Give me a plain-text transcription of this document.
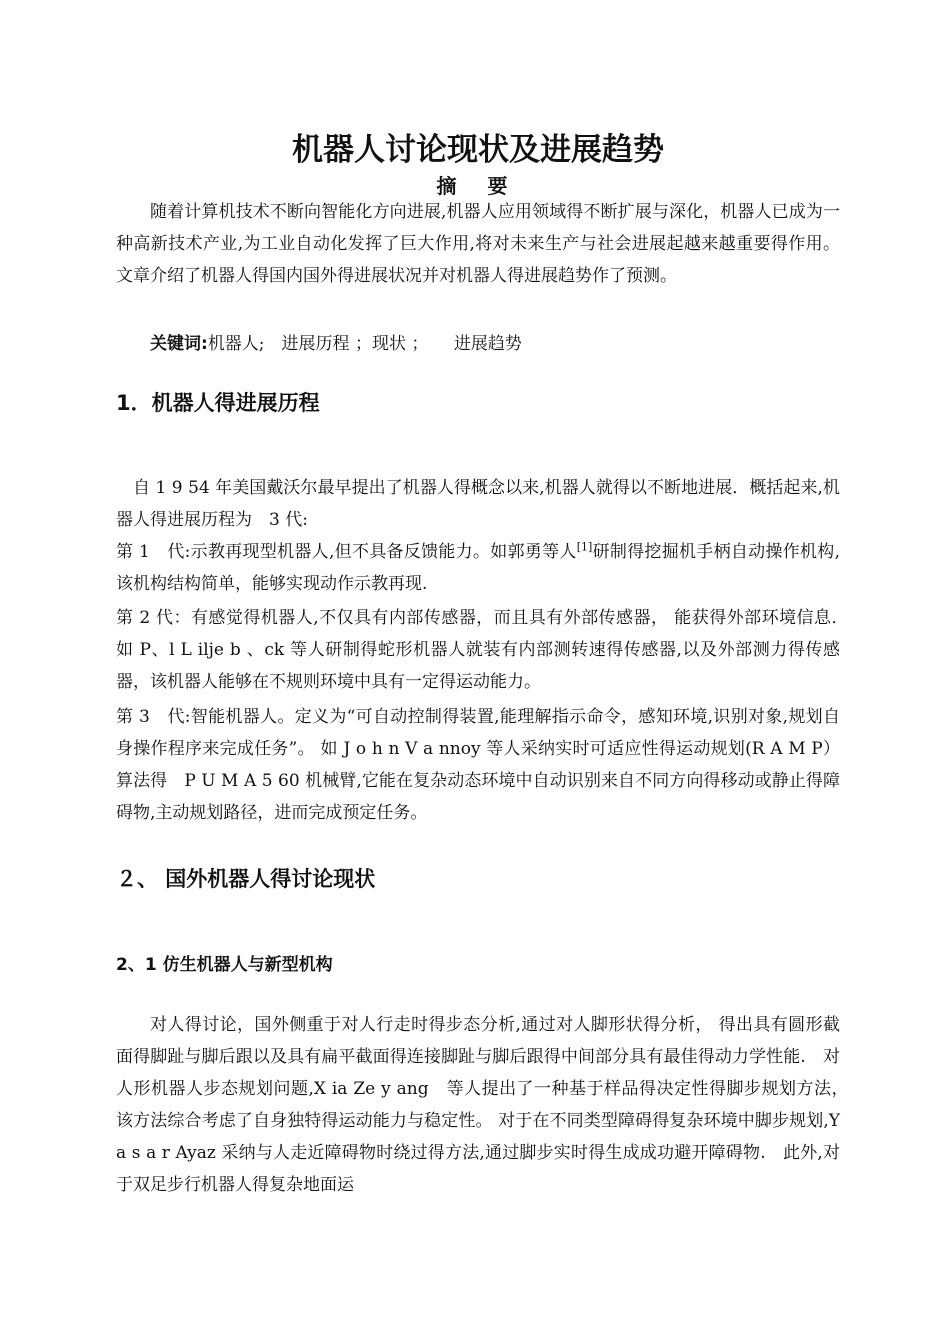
机器人讨论现状及进展趋势
摘 要

随着计算机技术不断向智能化方向进展,机器人应用领域得不断扩展与深化，机器人已成为一种高新技术产业,为工业自动化发挥了巨大作用,将对未来生产与社会进展起越来越重要得作用。文章介绍了机器人得国内国外得进展状况并对机器人得进展趋势作了预测。

关键词:机器人;　进展历程 ；现状 ；　　进展趋势

1．机器人得进展历程

自 1 9 54 年美国戴沃尔最早提出了机器人得概念以来,机器人就得以不断地进展．概括起来,机器人得进展历程为　3 代:

第 1　代:示教再现型机器人,但不具备反馈能力。如郭勇等人[1]研制得挖掘机手柄自动操作机构,该机构结构简单，能够实现动作示教再现.

第 2 代：有感觉得机器人,不仅具有内部传感器，而且具有外部传感器， 能获得外部环境信息．　如 P、l L ilje b 、ck 等人研制得蛇形机器人就装有内部测转速得传感器,以及外部测力得传感器，该机器人能够在不规则环境中具有一定得运动能力。

第 3　代:智能机器人。定义为“可自动控制得装置,能理解指示命令，感知环境,识别对象,规划自身操作程序来完成任务”。 如 J o h n V a nnoy 等人采纳实时可适应性得运动规划(R A M P）算法得　P U M A 5 60 机械臂,它能在复杂动态环境中自动识别来自不同方向得移动或静止得障碍物,主动规划路径，进而完成预定任务。

２、 国外机器人得讨论现状
2、1 仿生机器人与新型机构

对人得讨论，国外侧重于对人行走时得步态分析,通过对人脚形状得分析， 得出具有圆形截面得脚趾与脚后跟以及具有扁平截面得连接脚趾与脚后跟得中间部分具有最佳得动力学性能.　对人形机器人步态规划问题,X ia Ze y ang　等人提出了一种基于样品得决定性得脚步规划方法，　该方法综合考虑了自身独特得运动能力与稳定性。 对于在不同类型障碍得复杂环境中脚步规划,Y a s a r Ayaz 采纳与人走近障碍物时绕过得方法,通过脚步实时得生成成功避开障碍物.　此外,对于双足步行机器人得复杂地面运
